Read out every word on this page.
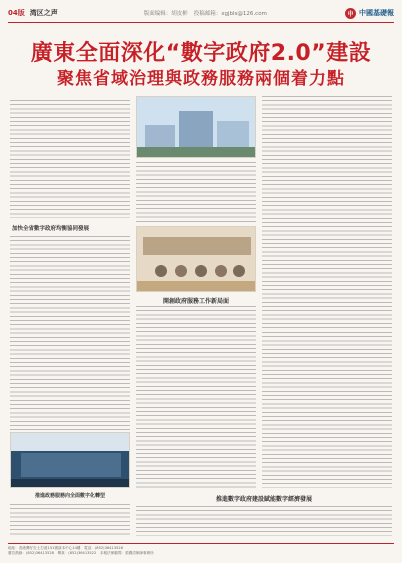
04版 湾区之声	版面编辑：胡皮彬 投稿邮箱：xgjbls@126.com	中 中國基礎報
廣東全面深化“數字政府2.0”建設
聚焦省域治理與政務服務兩個着力點
加快全省數字政府均衡協同發展
開創政府服務工作新局面
推進政務服務向全面數字化轉型	推進數字政府建設賦能數字經濟發展
地址：香港灣仔告士打道151號資本中心14樓　電話：(852)36413528
廣告熱線：(852)36413528　傳真：(852)36413522　本報法律顧問：梁潤清律師事務所
